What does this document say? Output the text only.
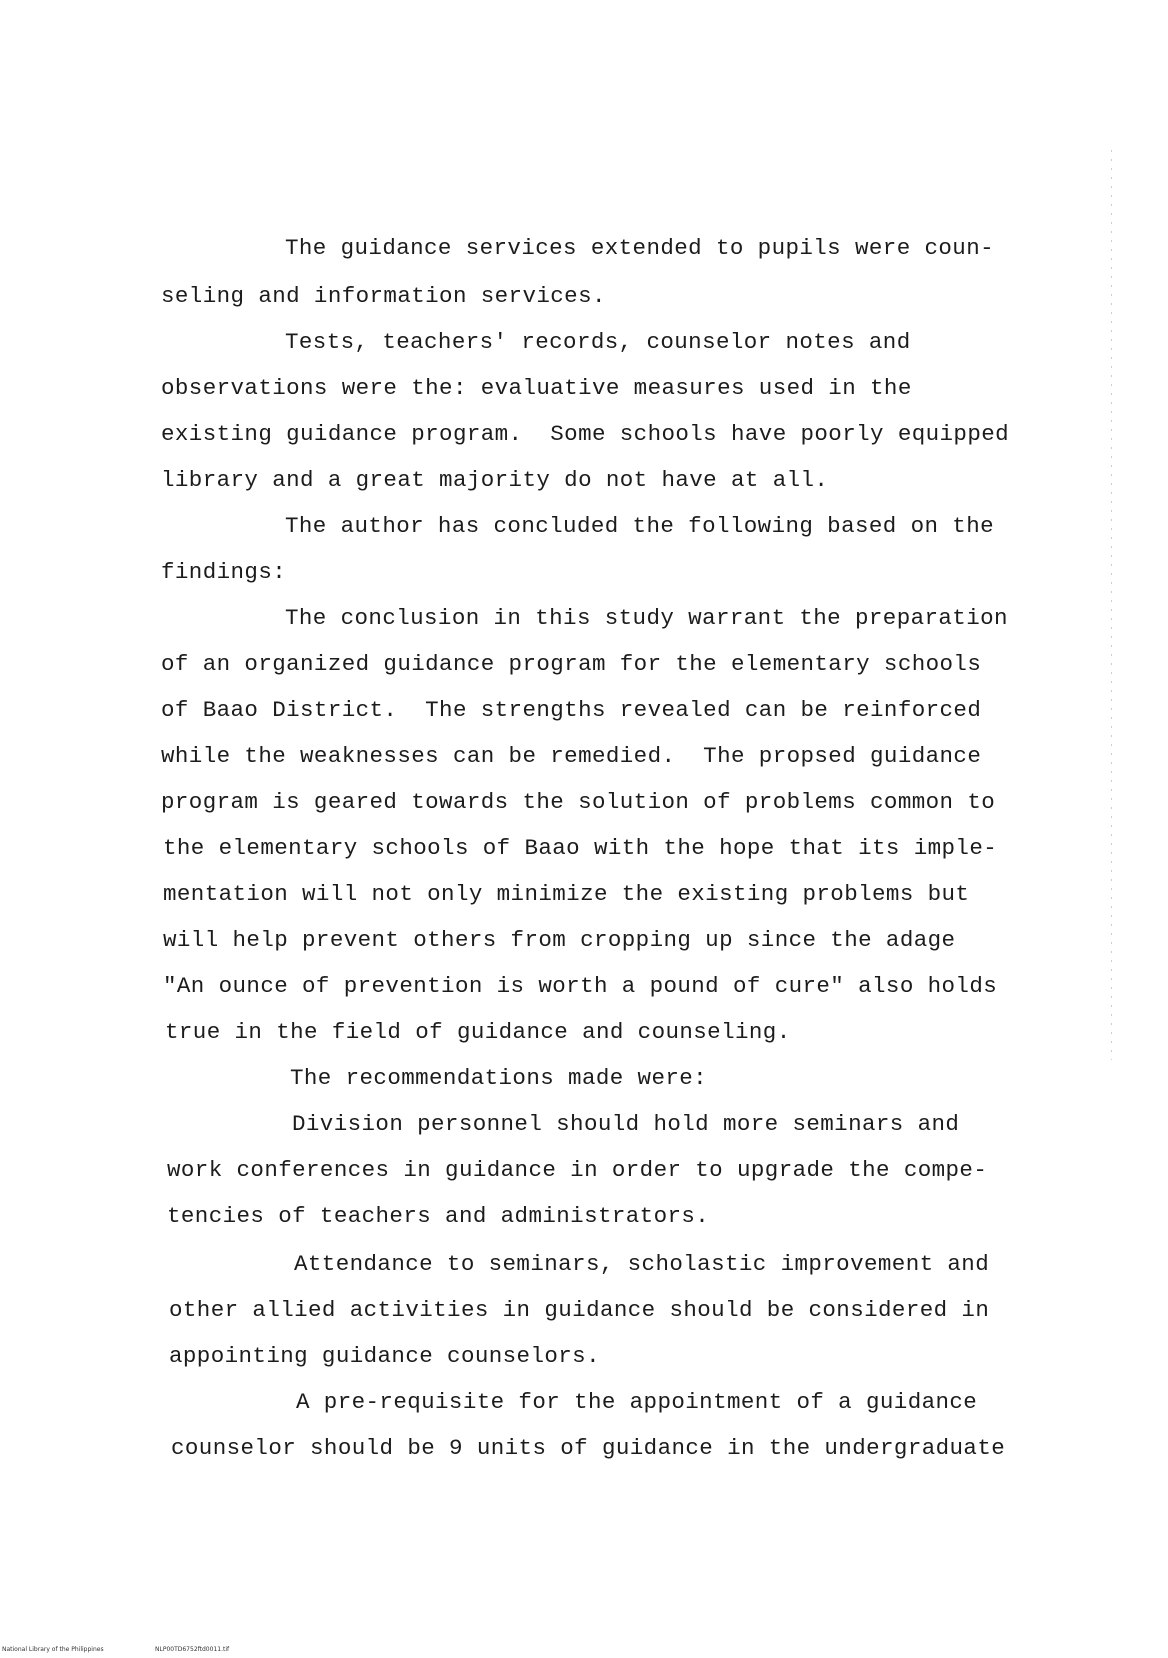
The guidance services extended to pupils were coun-
seling and information services.
Tests, teachers' records, counselor notes and
observations were the: evaluative measures used in the
existing guidance program.  Some schools have poorly equipped
library and a great majority do not have at all.
The author has concluded the following based on the
findings:
The conclusion in this study warrant the preparation
of an organized guidance program for the elementary schools
of Baao District.  The strengths revealed can be reinforced
while the weaknesses can be remedied.  The propsed guidance
program is geared towards the solution of problems common to
the elementary schools of Baao with the hope that its imple-
mentation will not only minimize the existing problems but
will help prevent others from cropping up since the adage
"An ounce of prevention is worth a pound of cure" also holds
true in the field of guidance and counseling.
The recommendations made were:
Division personnel should hold more seminars and
work conferences in guidance in order to upgrade the compe-
tencies of teachers and administrators.
Attendance to seminars, scholastic improvement and
other allied activities in guidance should be considered in
appointing guidance counselors.
A pre-requisite for the appointment of a guidance
counselor should be 9 units of guidance in the undergraduate
National Library of the Philippines	NLP00TD6752ftd0011.tif
